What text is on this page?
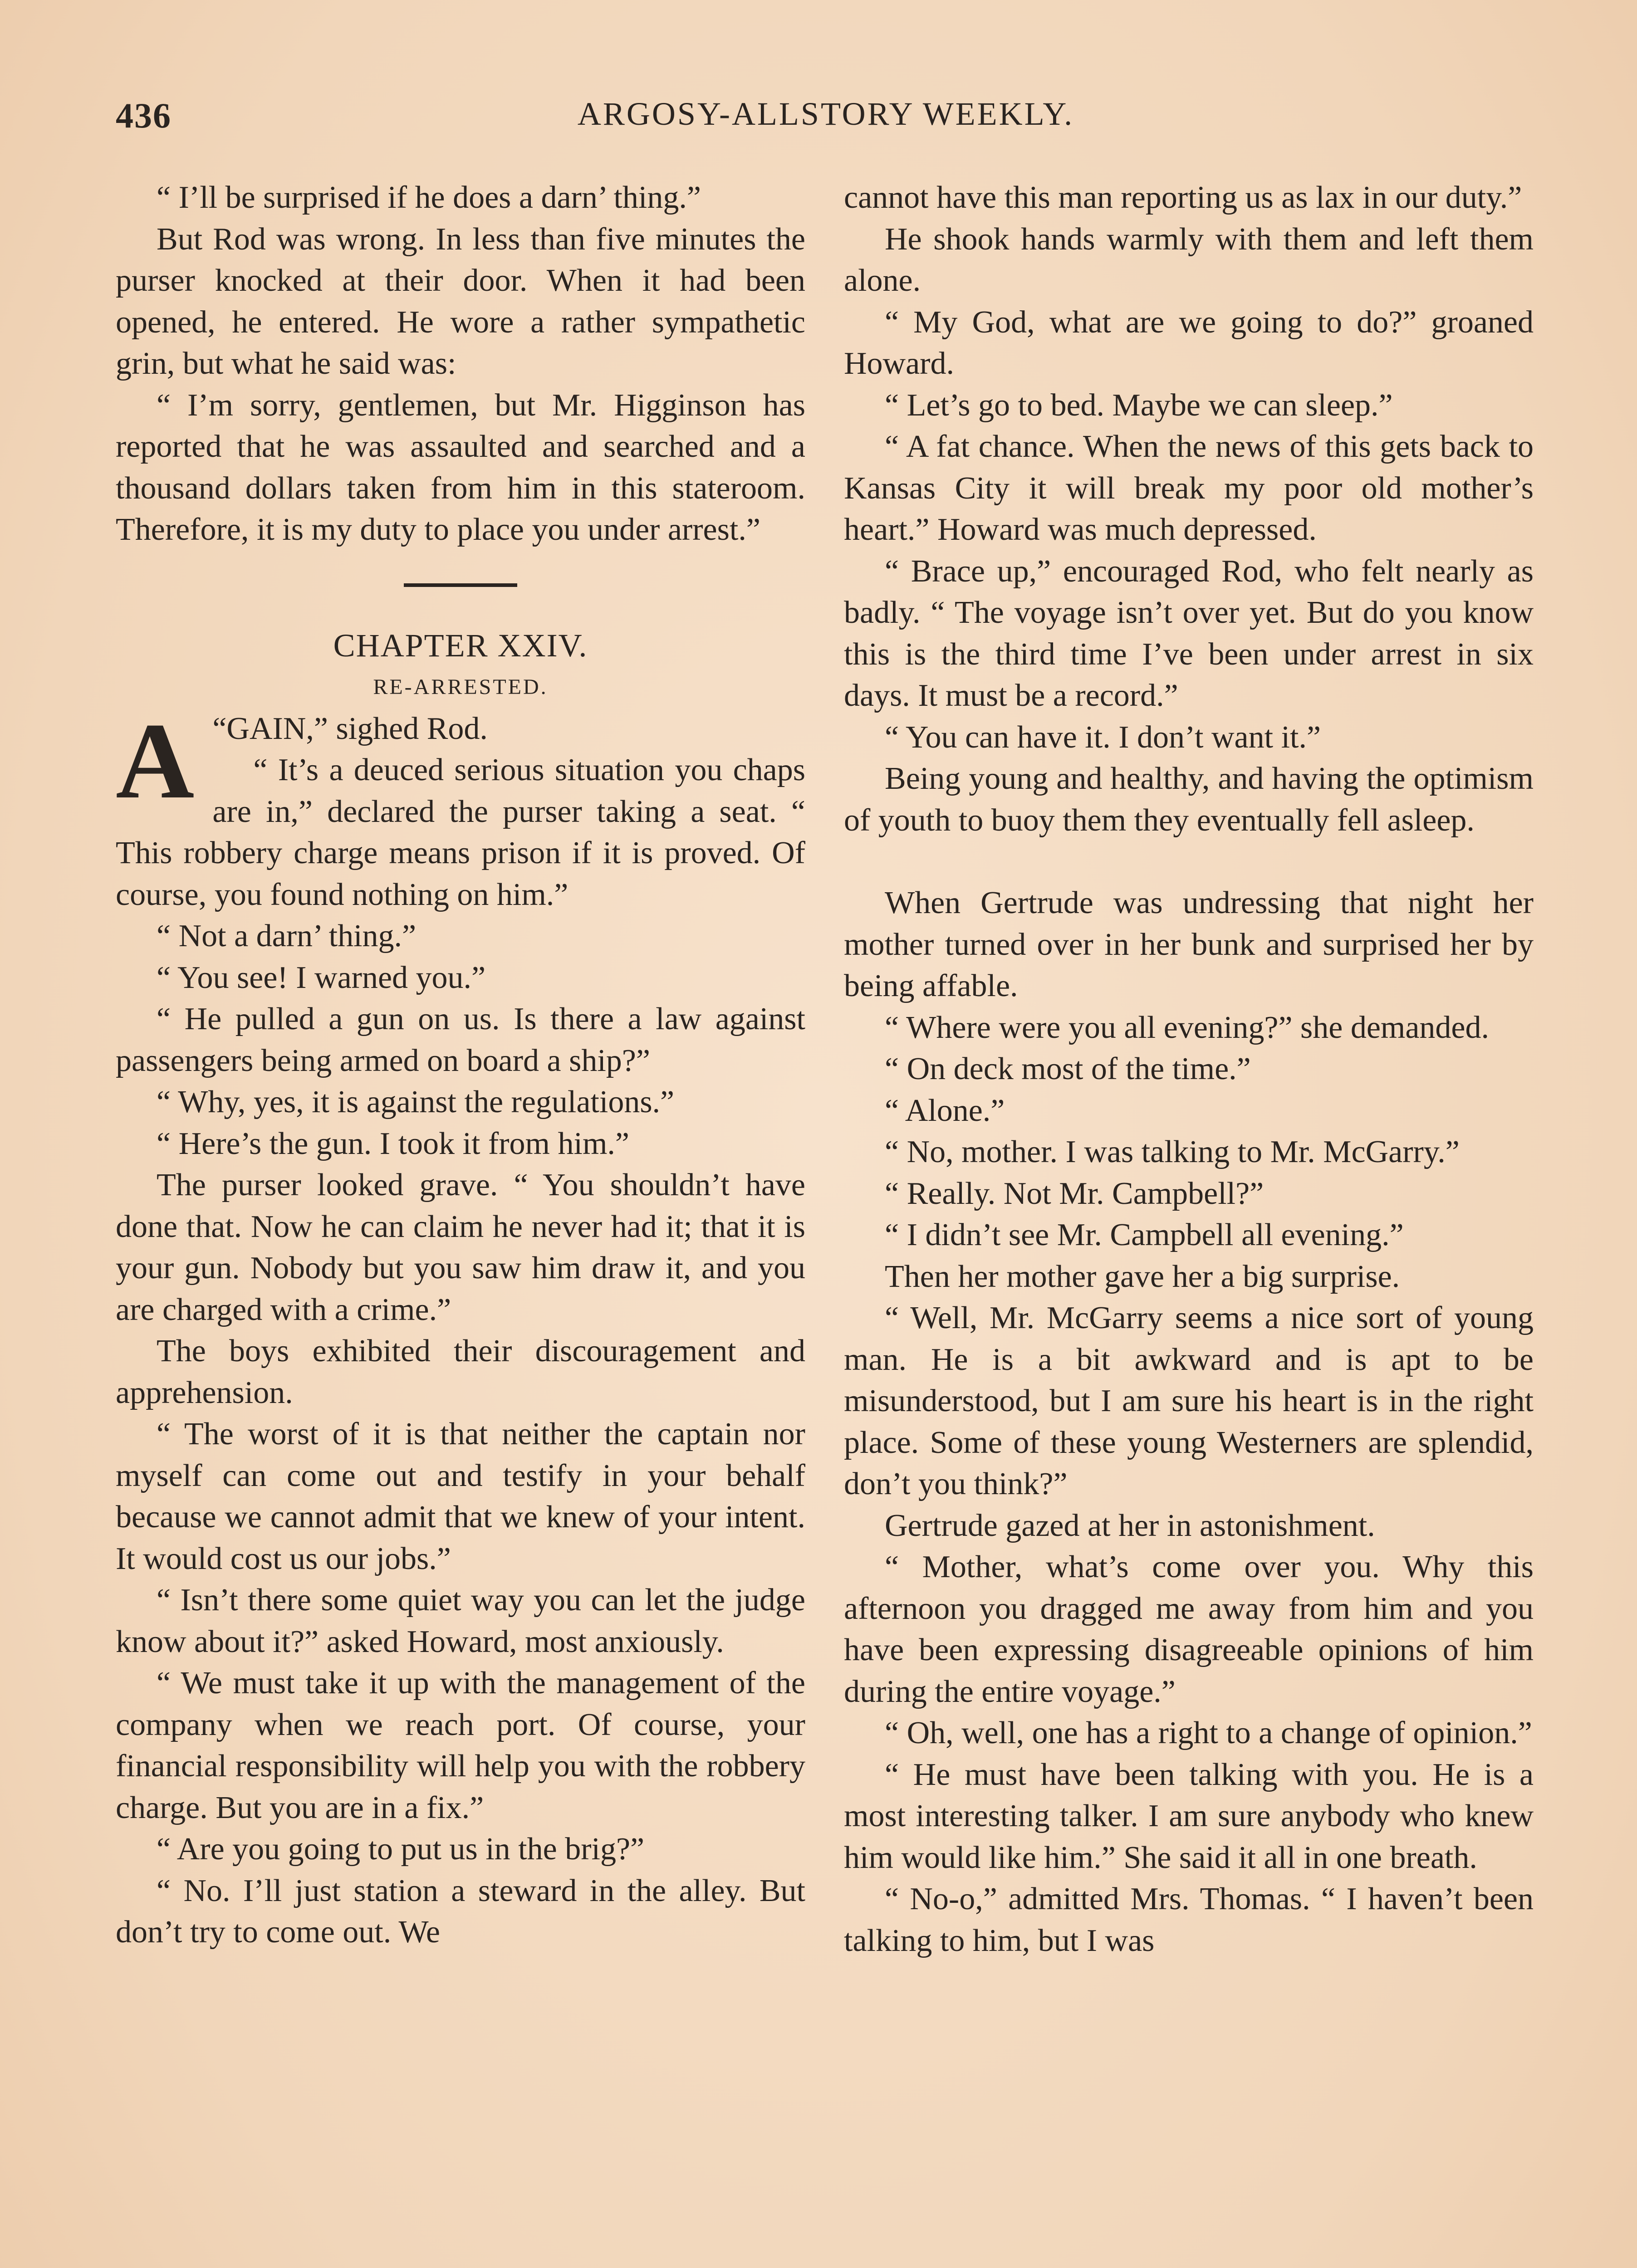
436	ARGOSY-ALLSTORY WEEKLY.

“ I’ll be surprised if he does a darn’ thing.”

But Rod was wrong. In less than five minutes the purser knocked at their door. When it had been opened, he entered. He wore a rather sympathetic grin, but what he said was:

“ I’m sorry, gentlemen, but Mr. Higginson has reported that he was assaulted and searched and a thousand dollars taken from him in this stateroom. Therefore, it is my duty to place you under arrest.”

CHAPTER XXIV.

RE-ARRESTED.

“
A GAIN,” sighed Rod.

“ It’s a deuced serious situation you chaps are in,” declared the purser taking a seat. “ This robbery charge means prison if it is proved. Of course, you found nothing on him.”

“ Not a darn’ thing.”

“ You see! I warned you.”

“ He pulled a gun on us. Is there a law against passengers being armed on board a ship?”

“ Why, yes, it is against the regulations.”

“ Here’s the gun. I took it from him.”

The purser looked grave. “ You shouldn’t have done that. Now he can claim he never had it; that it is your gun. Nobody but you saw him draw it, and you are charged with a crime.”

The boys exhibited their discouragement and apprehension.

“ The worst of it is that neither the captain nor myself can come out and testify in your behalf because we cannot admit that we knew of your intent. It would cost us our jobs.”

“ Isn’t there some quiet way you can let the judge know about it?” asked Howard, most anxiously.

“ We must take it up with the management of the company when we reach port. Of course, your financial responsibility will help you with the robbery charge. But you are in a fix.”

“ Are you going to put us in the brig?”

“ No. I’ll just station a steward in the alley. But don’t try to come out. We

cannot have this man reporting us as lax in our duty.”

He shook hands warmly with them and left them alone.

“ My God, what are we going to do?” groaned Howard.

“ Let’s go to bed. Maybe we can sleep.”

“ A fat chance. When the news of this gets back to Kansas City it will break my poor old mother’s heart.” Howard was much depressed.

“ Brace up,” encouraged Rod, who felt nearly as badly. “ The voyage isn’t over yet. But do you know this is the third time I’ve been under arrest in six days. It must be a record.”

“ You can have it. I don’t want it.”

Being young and healthy, and having the optimism of youth to buoy them they eventually fell asleep.

When Gertrude was undressing that night her mother turned over in her bunk and surprised her by being affable.

“ Where were you all evening?” she demanded.

“ On deck most of the time.”

“ Alone.”

“ No, mother. I was talking to Mr. McGarry.”

“ Really. Not Mr. Campbell?”

“ I didn’t see Mr. Campbell all evening.”

Then her mother gave her a big surprise.

“ Well, Mr. McGarry seems a nice sort of young man. He is a bit awkward and is apt to be misunderstood, but I am sure his heart is in the right place. Some of these young Westerners are splendid, don’t you think?”

Gertrude gazed at her in astonishment.

“ Mother, what’s come over you. Why this afternoon you dragged me away from him and you have been expressing disagreeable opinions of him during the entire voyage.”

“ Oh, well, one has a right to a change of opinion.”

“ He must have been talking with you. He is a most interesting talker. I am sure anybody who knew him would like him.” She said it all in one breath.

“ No-o,” admitted Mrs. Thomas. “ I haven’t been talking to him, but I was
